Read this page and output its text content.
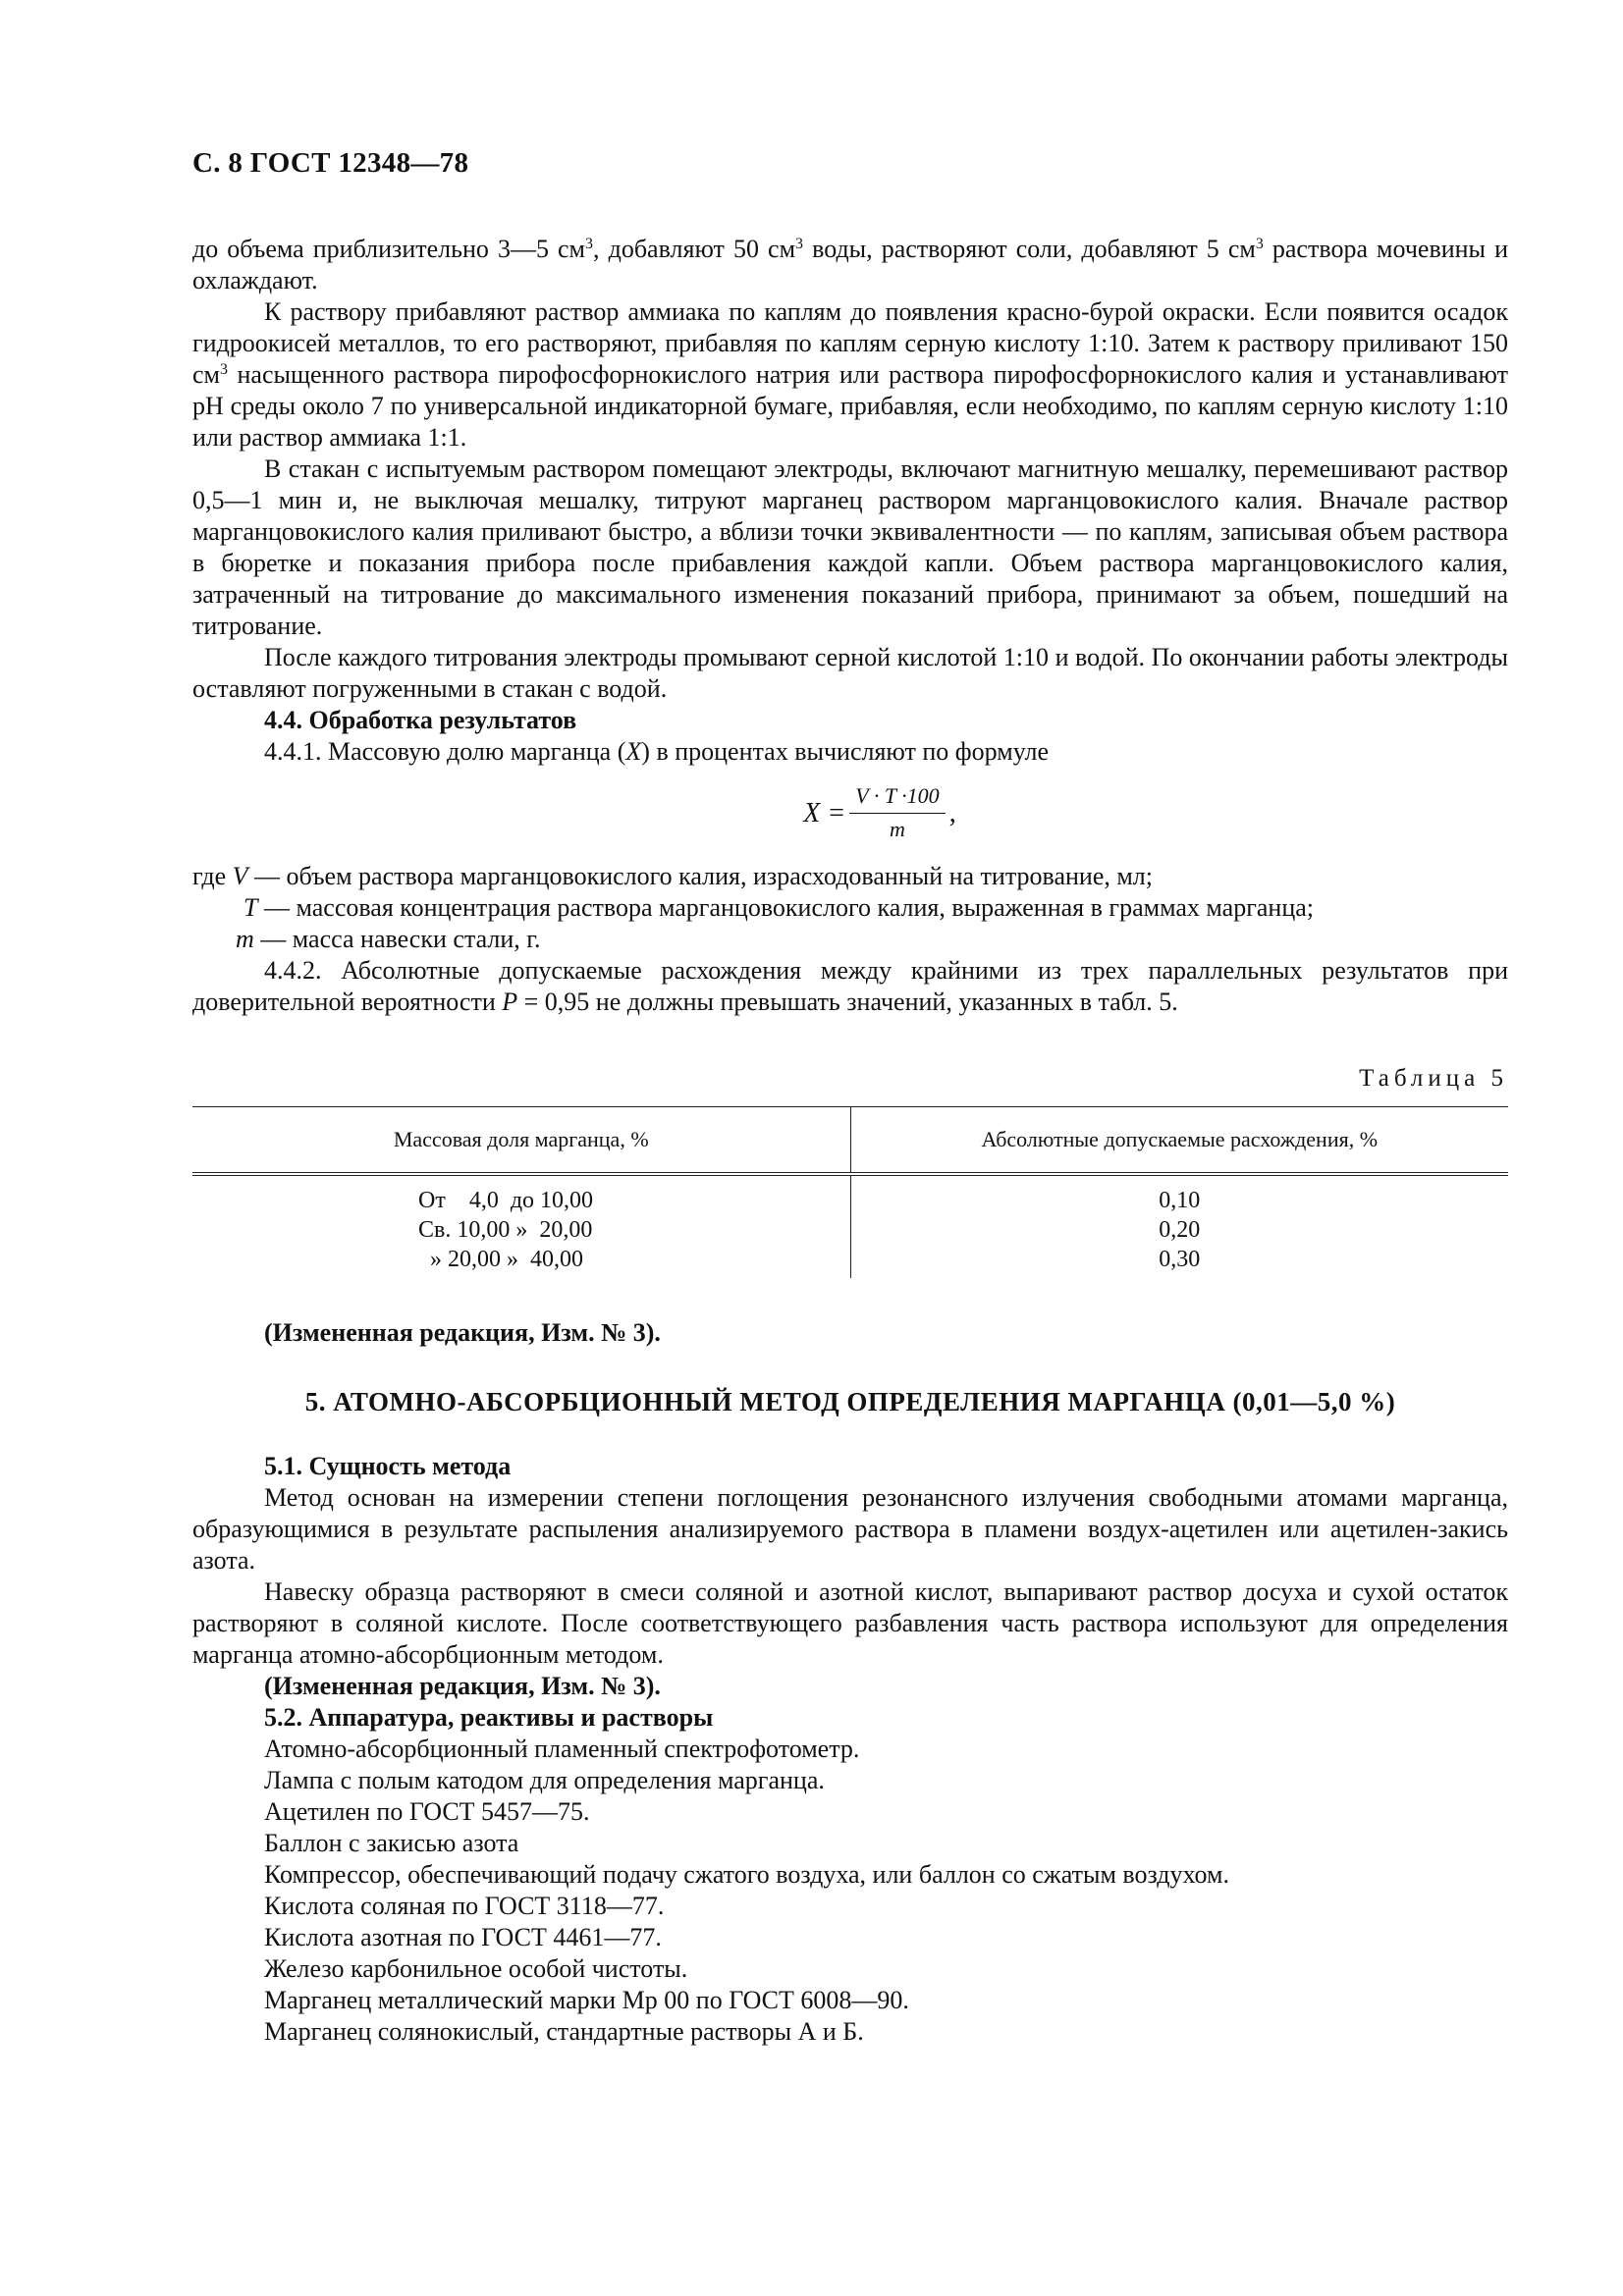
С. 8 ГОСТ 12348—78

до объема приблизительно 3—5 $см^3$, добавляют 50 $см^3$ воды, растворяют соли, добавляют 5 $см^3$ раствора мочевины и охлаждают.

К раствору прибавляют раствор аммиака по каплям до появления красно-бурой окраски. Если появится осадок гидроокисей металлов, то его растворяют, прибавляя по каплям серную кислоту 1:10. Затем к раствору приливают 150 $см^3$ насыщенного раствора пирофосфорнокислого натрия или раствора пирофосфорнокислого калия и устанавливают pH среды около 7 по универсальной индикаторной бумаге, прибавляя, если необходимо, по каплям серную кислоту 1:10 или раствор аммиака 1:1.

В стакан с испытуемым раствором помещают электроды, включают магнитную мешалку, перемешивают раствор 0,5—1 мин и, не выключая мешалку, титруют марганец раствором марганцовокислого калия. Вначале раствор марганцовокислого калия приливают быстро, а вблизи точки эквивалентности — по каплям, записывая объем раствора в бюретке и показания прибора после прибавления каждой капли. Объем раствора марганцовокислого калия, затраченный на титрование до максимального изменения показаний прибора, принимают за объем, пошедший на титрование.

После каждого титрования электроды промывают серной кислотой 1:10 и водой. По окончании работы электроды оставляют погруженными в стакан с водой.

4.4. Обработка результатов

4.4.1. Массовую долю марганца (X) в процентах вычисляют по формуле

$X = \frac{V \cdot T \cdot 100}{m}$ ,

где V — объем раствора марганцовокислого калия, израсходованный на титрование, мл;

T — массовая концентрация раствора марганцовокислого калия, выраженная в граммах марганца;

m — масса навески стали, г.

4.4.2. Абсолютные допускаемые расхождения между крайними из трех параллельных результатов при доверительной вероятности P = 0,95 не должны превышать значений, указанных в табл. 5.

Таблица 5
Массовая доля марганца, %	Абсолютные допускаемые расхождения, %
От    4,0  до 10,00	0,10
Св. 10,00 »  20,00	0,20
» 20,00 »  40,00	0,30

(Измененная редакция, Изм. № 3).

5. АТОМНО-АБСОРБЦИОННЫЙ МЕТОД ОПРЕДЕЛЕНИЯ МАРГАНЦА (0,01—5,0 %)

5.1. Сущность метода

Метод основан на измерении степени поглощения резонансного излучения свободными атомами марганца, образующимися в результате распыления анализируемого раствора в пламени воздух-ацетилен или ацетилен-закись азота.

Навеску образца растворяют в смеси соляной и азотной кислот, выпаривают раствор досуха и сухой остаток растворяют в соляной кислоте. После соответствующего разбавления часть раствора используют для определения марганца атомно-абсорбционным методом.

(Измененная редакция, Изм. № 3).

5.2. Аппаратура, реактивы и растворы

Атомно-абсорбционный пламенный спектрофотометр.

Лампа с полым катодом для определения марганца.

Ацетилен по ГОСТ 5457—75.

Баллон с закисью азота

Компрессор, обеспечивающий подачу сжатого воздуха, или баллон со сжатым воздухом.

Кислота соляная по ГОСТ 3118—77.

Кислота азотная по ГОСТ 4461—77.

Железо карбонильное особой чистоты.

Марганец металлический марки Мр 00 по ГОСТ 6008—90.

Марганец солянокислый, стандартные растворы А и Б.
